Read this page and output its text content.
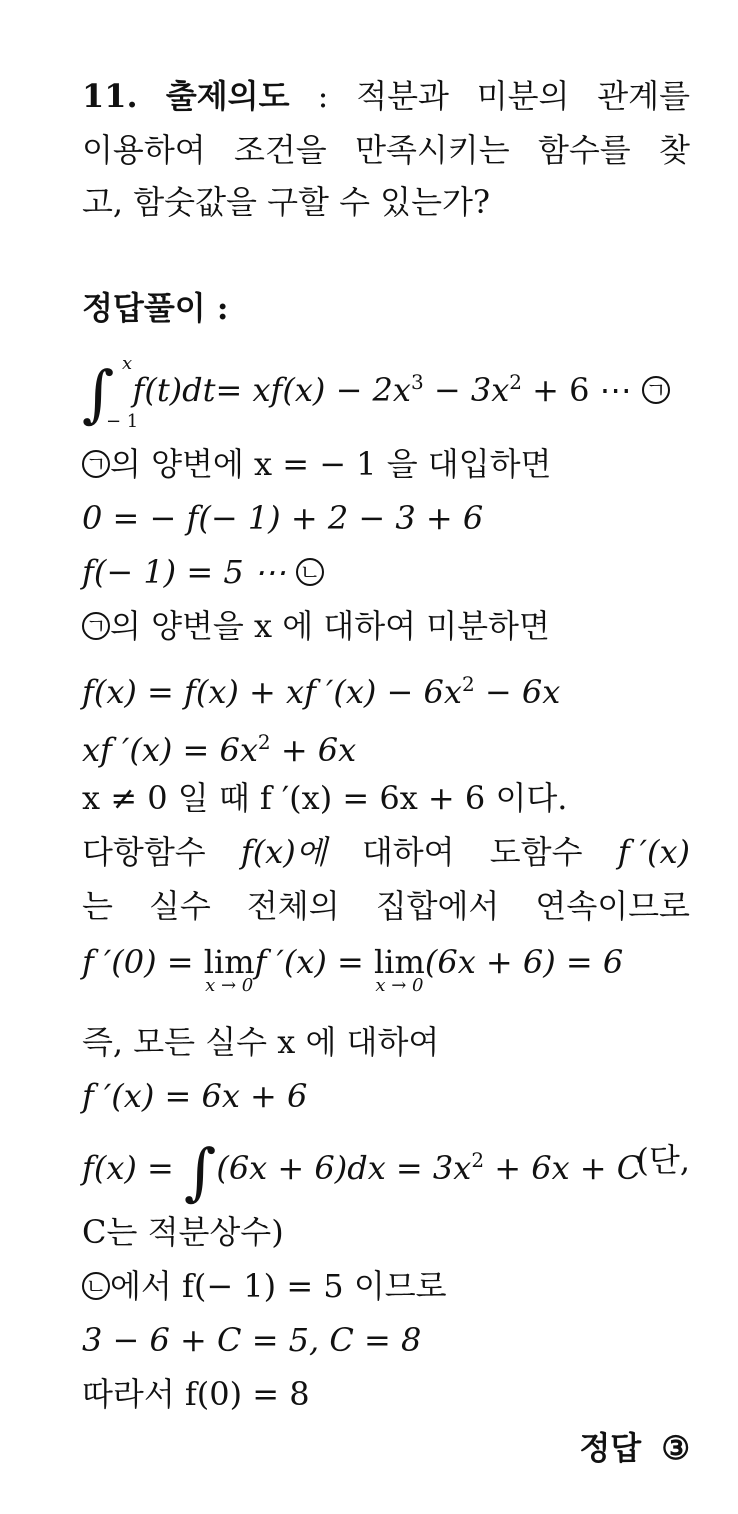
11. 출제의도 : 적분과 미분의 관계를
이용하여 조건을 만족시키는 함수를 찾
고, 함숫값을 구할 수 있는가?
정답풀이 :
∫ x
− 1
$f(t)dt= xf(x) - 2x^3 - 3x^2 + 6$ ⋯ ㄱ
ㄱ 의 양변에 x = − 1 을 대입하면
0 = − f(− 1) + 2 − 3 + 6
f(− 1) = 5 ⋯ ㄴ
ㄱ 의 양변을 x 에 대하여 미분하면
f(x) = f(x) + xf $'(x) - 6x^2 - 6x$
xf $'(x) = 6x^2 + 6x$
x ≠ 0 일 때 f ′(x) = 6x + 6 이다.
다항함수 f(x)에 대하여 도함수 f ′(x)
는 실수 전체의 집합에서 연속이므로
f ′(0) = lim
x → 0
f ′(x) = lim
x → 0
(6x + 6) = 6
즉, 모든 실수 x 에 대하여
f ′(x) = 6x + 6
$f(x) = \int(6x + 6)dx = 3x^2 + 6x + C$
(단,
C는 적분상수)
ㄴ 에서 f(− 1) = 5 이므로
3 − 6 + C = 5, C = 8
따라서 f(0) = 8
정답 ③
